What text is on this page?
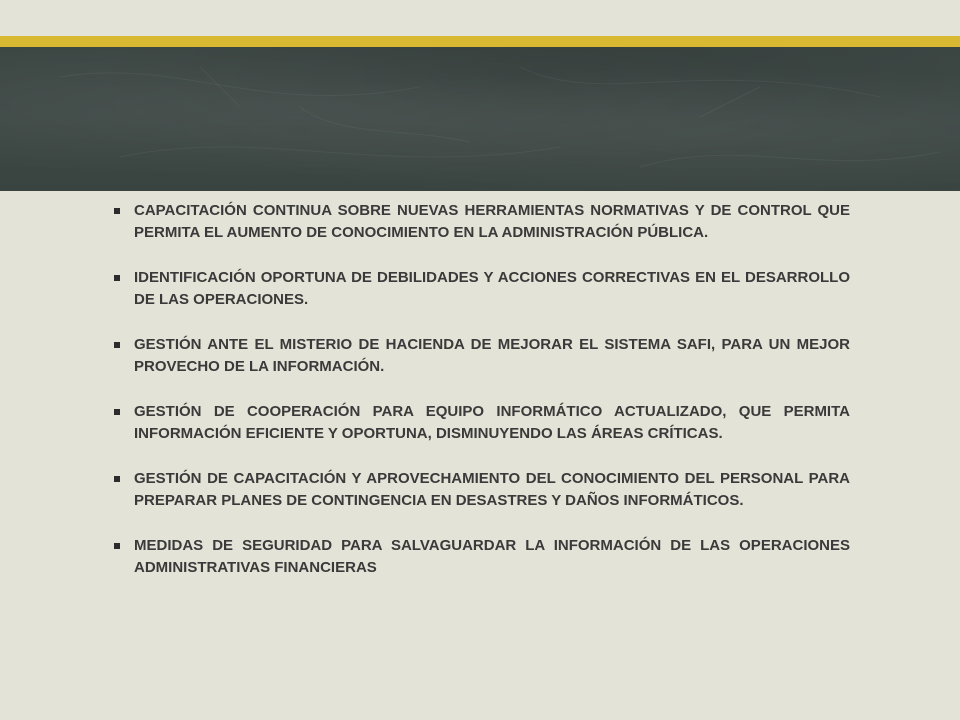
CAPACITACIÓN CONTINUA SOBRE NUEVAS HERRAMIENTAS NORMATIVAS Y DE CONTROL QUE PERMITA EL AUMENTO DE CONOCIMIENTO EN LA ADMINISTRACIÓN PÚBLICA.
IDENTIFICACIÓN OPORTUNA DE DEBILIDADES Y ACCIONES CORRECTIVAS EN EL DESARROLLO DE LAS OPERACIONES.
GESTIÓN ANTE EL MISTERIO DE HACIENDA DE MEJORAR EL SISTEMA SAFI, PARA UN MEJOR PROVECHO DE LA INFORMACIÓN.
GESTIÓN DE COOPERACIÓN PARA EQUIPO INFORMÁTICO ACTUALIZADO, QUE PERMITA INFORMACIÓN EFICIENTE Y OPORTUNA, DISMINUYENDO LAS ÁREAS CRÍTICAS.
GESTIÓN DE CAPACITACIÓN Y APROVECHAMIENTO DEL CONOCIMIENTO DEL PERSONAL PARA PREPARAR PLANES DE CONTINGENCIA EN DESASTRES Y DAÑOS INFORMÁTICOS.
MEDIDAS DE SEGURIDAD PARA SALVAGUARDAR LA INFORMACIÓN DE LAS OPERACIONES ADMINISTRATIVAS FINANCIERAS
